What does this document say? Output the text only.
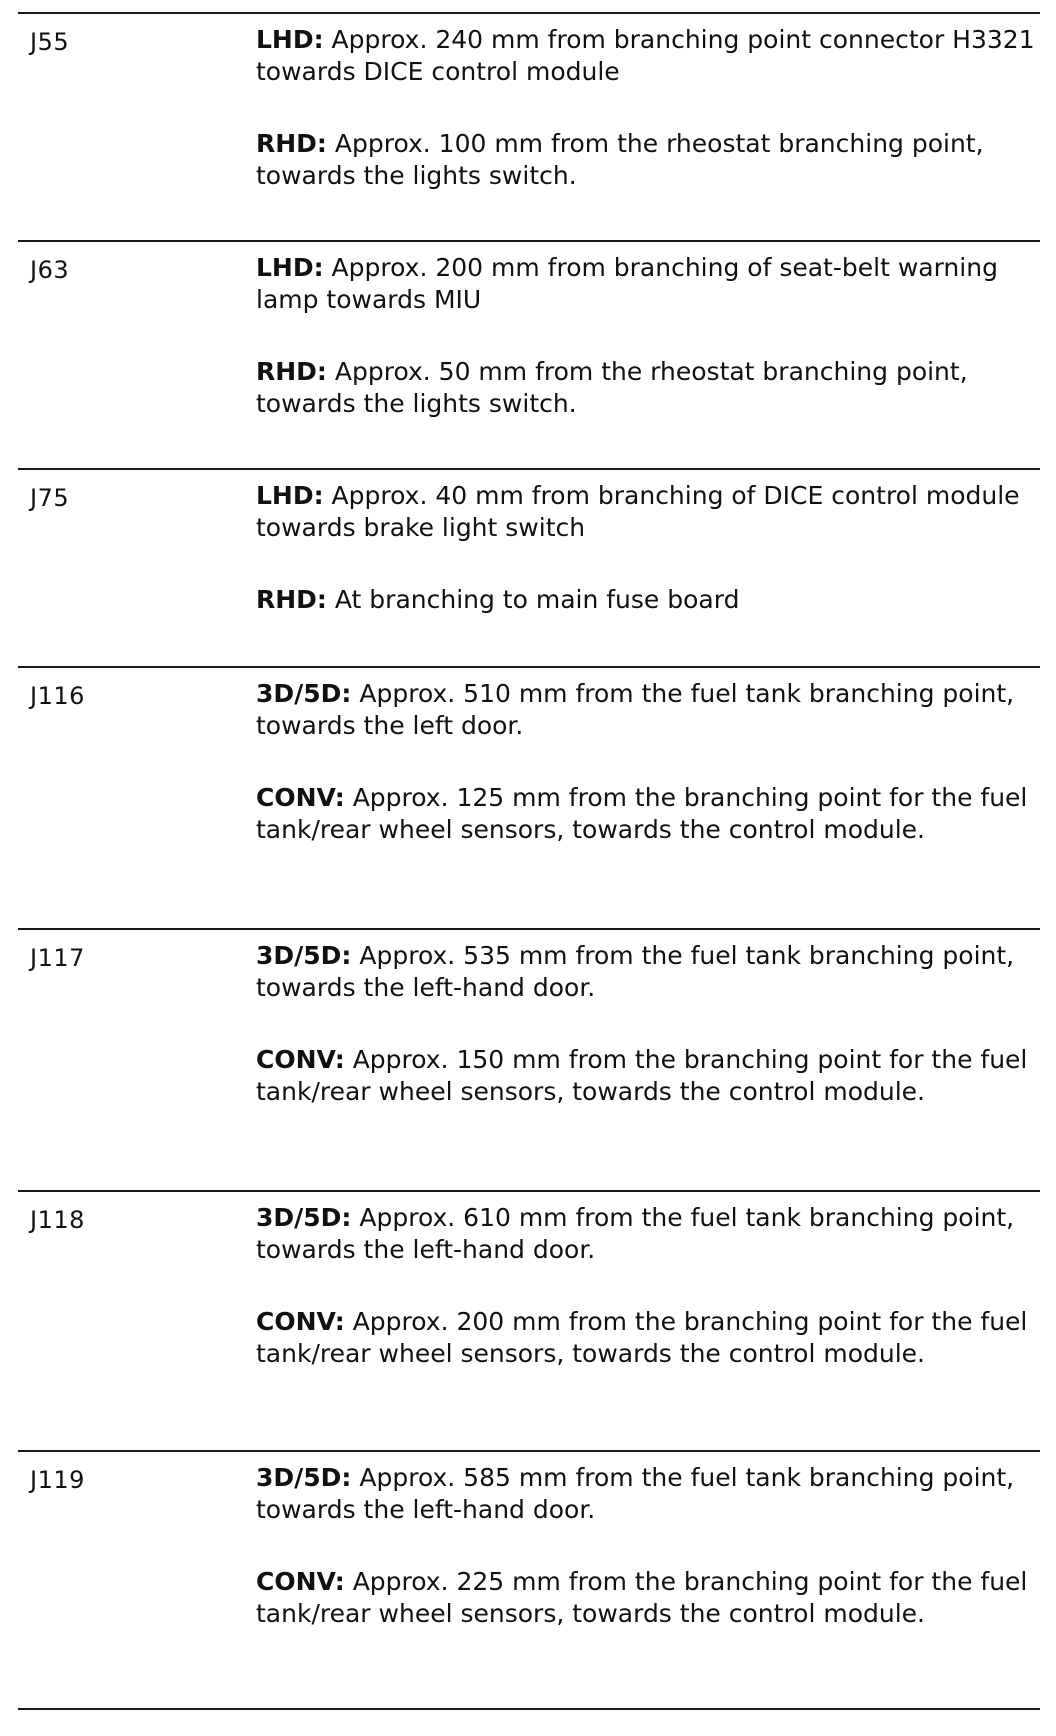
J55	LHD: Approx. 240 mm from branching point connector H3321 towards DICE control module

RHD: Approx. 100 mm from the rheostat branching point, towards the lights switch.

J63	LHD: Approx. 200 mm from branching of seat-belt warning lamp towards MIU

RHD: Approx. 50 mm from the rheostat branching point, towards the lights switch.

J75	LHD: Approx. 40 mm from branching of DICE control module towards brake light switch

RHD: At branching to main fuse board

J116	3D/5D: Approx. 510 mm from the fuel tank branching point, towards the left door.

CONV: Approx. 125 mm from the branching point for the fuel tank/rear wheel sensors, towards the control module.

J117	3D/5D: Approx. 535 mm from the fuel tank branching point, towards the left-hand door.

CONV: Approx. 150 mm from the branching point for the fuel tank/rear wheel sensors, towards the control module.

J118	3D/5D: Approx. 610 mm from the fuel tank branching point, towards the left-hand door.

CONV: Approx. 200 mm from the branching point for the fuel tank/rear wheel sensors, towards the control module.

J119	3D/5D: Approx. 585 mm from the fuel tank branching point, towards the left-hand door.

CONV: Approx. 225 mm from the branching point for the fuel tank/rear wheel sensors, towards the control module.
